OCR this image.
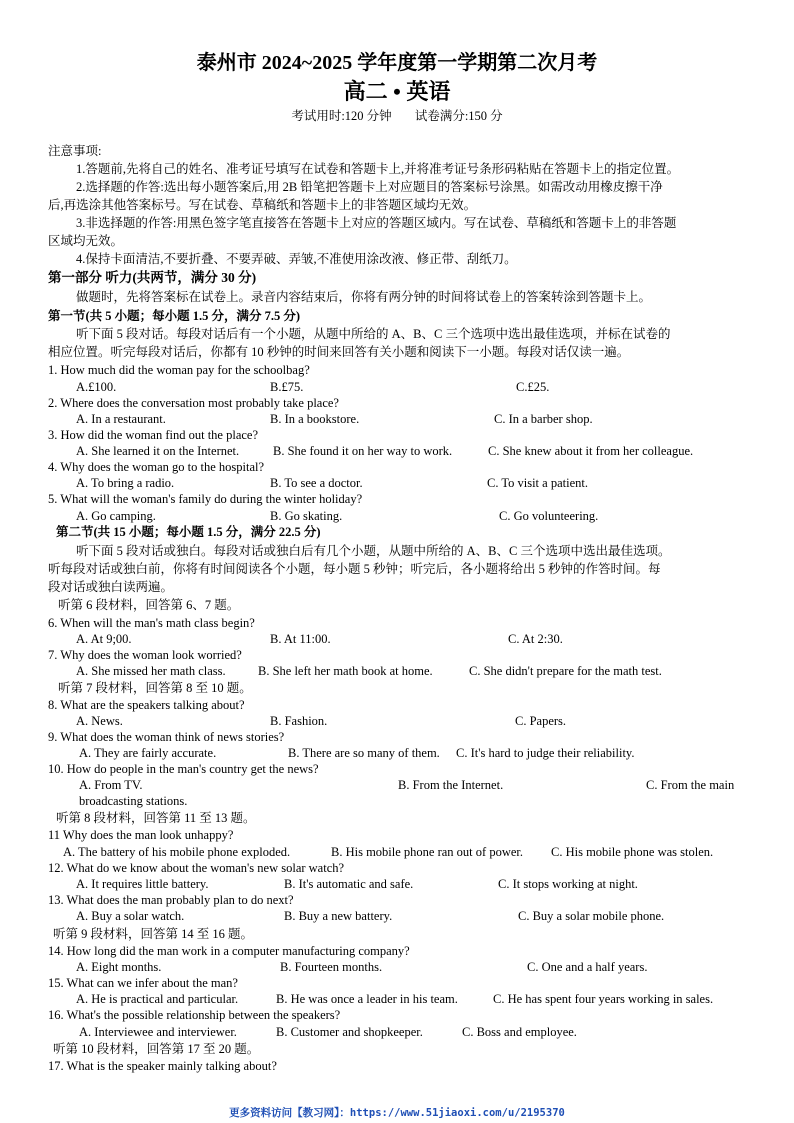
泰州市 2024~2025 学年度第一学期第二次月考
高二 • 英语
考试用时:120 分钟 试卷满分:150 分
注意事项:
1.答题前,先将自己的姓名、准考证号填写在试卷和答题卡上,并将准考证号条形码粘贴在答题卡上的指定位置。
2.选择题的作答:选出每小题答案后,用 2B 铅笔把答题卡上对应题目的答案标号涂黑。如需改动用橡皮擦干净
后,再选涂其他答案标号。写在试卷、草稿纸和答题卡上的非答题区域均无效。
3.非选择题的作答:用黑色签字笔直接答在答题卡上对应的答题区域内。写在试卷、草稿纸和答题卡上的非答题
区域均无效。
4.保持卡面清洁,不要折叠、不要弄破、弄皱,不准使用涂改液、修正带、刮纸刀。
第一部分 听力(共两节，满分 30 分)
做题时，先将答案标在试卷上。录音内容结束后，你将有两分钟的时间将试卷上的答案转涂到答题卡上。
第一节(共 5 小题；每小题 1.5 分，满分 7.5 分)
听下面 5 段对话。每段对话后有一个小题，从题中所给的 A、B、C 三个选项中选出最佳选项，并标在试卷的
相应位置。听完每段对话后，你都有 10 秒钟的时间来回答有关小题和阅读下一小题。每段对话仅读一遍。
1. How much did the woman pay for the schoolbag?
A.£100.	B.£75.	C.£25.
2. Where does the conversation most probably take place?
A. In a restaurant.	B. In a bookstore.	C. In a barber shop.
3. How did the woman find out the place?
A. She learned it on the Internet.	B. She found it on her way to work.	C. She knew about it from her colleague.
4. Why does the woman go to the hospital?
A. To bring a radio.	B. To see a doctor.	C. To visit a patient.
5. What will the woman's family do during the winter holiday?
A. Go camping.	B. Go skating.	C. Go volunteering.
第二节(共 15 小题；每小题 1.5 分，满分 22.5 分)
听下面 5 段对话或独白。每段对话或独白后有几个小题，从题中所给的 A、B、C 三个选项中选出最佳选项。
听每段对话或独白前，你将有时间阅读各个小题，每小题 5 秒钟；听完后，各小题将给出 5 秒钟的作答时间。每
段对话或独白读两遍。
听第 6 段材料，回答第 6、7 题。
6. When will the man's math class begin?
A. At 9;00.	B. At 11:00.	C. At 2:30.
7. Why does the woman look worried?
A. She missed her math class.	B. She left her math book at home.	C. She didn't prepare for the math test.
听第 7 段材料，回答第 8 至 10 题。
8. What are the speakers talking about?
A. News.	B. Fashion.	C. Papers.
9. What does the woman think of news stories?
A. They are fairly accurate.	B. There are so many of them. C. It's hard to judge their reliability.
10. How do people in the man's country get the news?
A. From TV.	B. From the Internet.	C. From the main
broadcasting stations.
听第 8 段材料，回答第 11 至 13 题。
11 Why does the man look unhappy?
A. The battery of his mobile phone exploded.	B. His mobile phone ran out of power. C. His mobile phone was stolen.
12. What do we know about the woman's new solar watch?
A. It requires little battery.	B. It's automatic and safe.	C. It stops working at night.
13. What does the man probably plan to do next?
A. Buy a solar watch.	B. Buy a new battery.	C. Buy a solar mobile phone.
听第 9 段材料，回答第 14 至 16 题。
14. How long did the man work in a computer manufacturing company?
A. Eight months.	B. Fourteen months.	C. One and a half years.
15. What can we infer about the man?
A. He is practical and particular.	B. He was once a leader in his team.	C. He has spent four years working in sales.
16. What's the possible relationship between the speakers?
A. Interviewee and interviewer.	B. Customer and shopkeeper.	C. Boss and employee.
听第 10 段材料，回答第 17 至 20 题。
17. What is the speaker mainly talking about?
更多资料访问【教习网】：https://www.51jiaoxi.com/u/2195370
